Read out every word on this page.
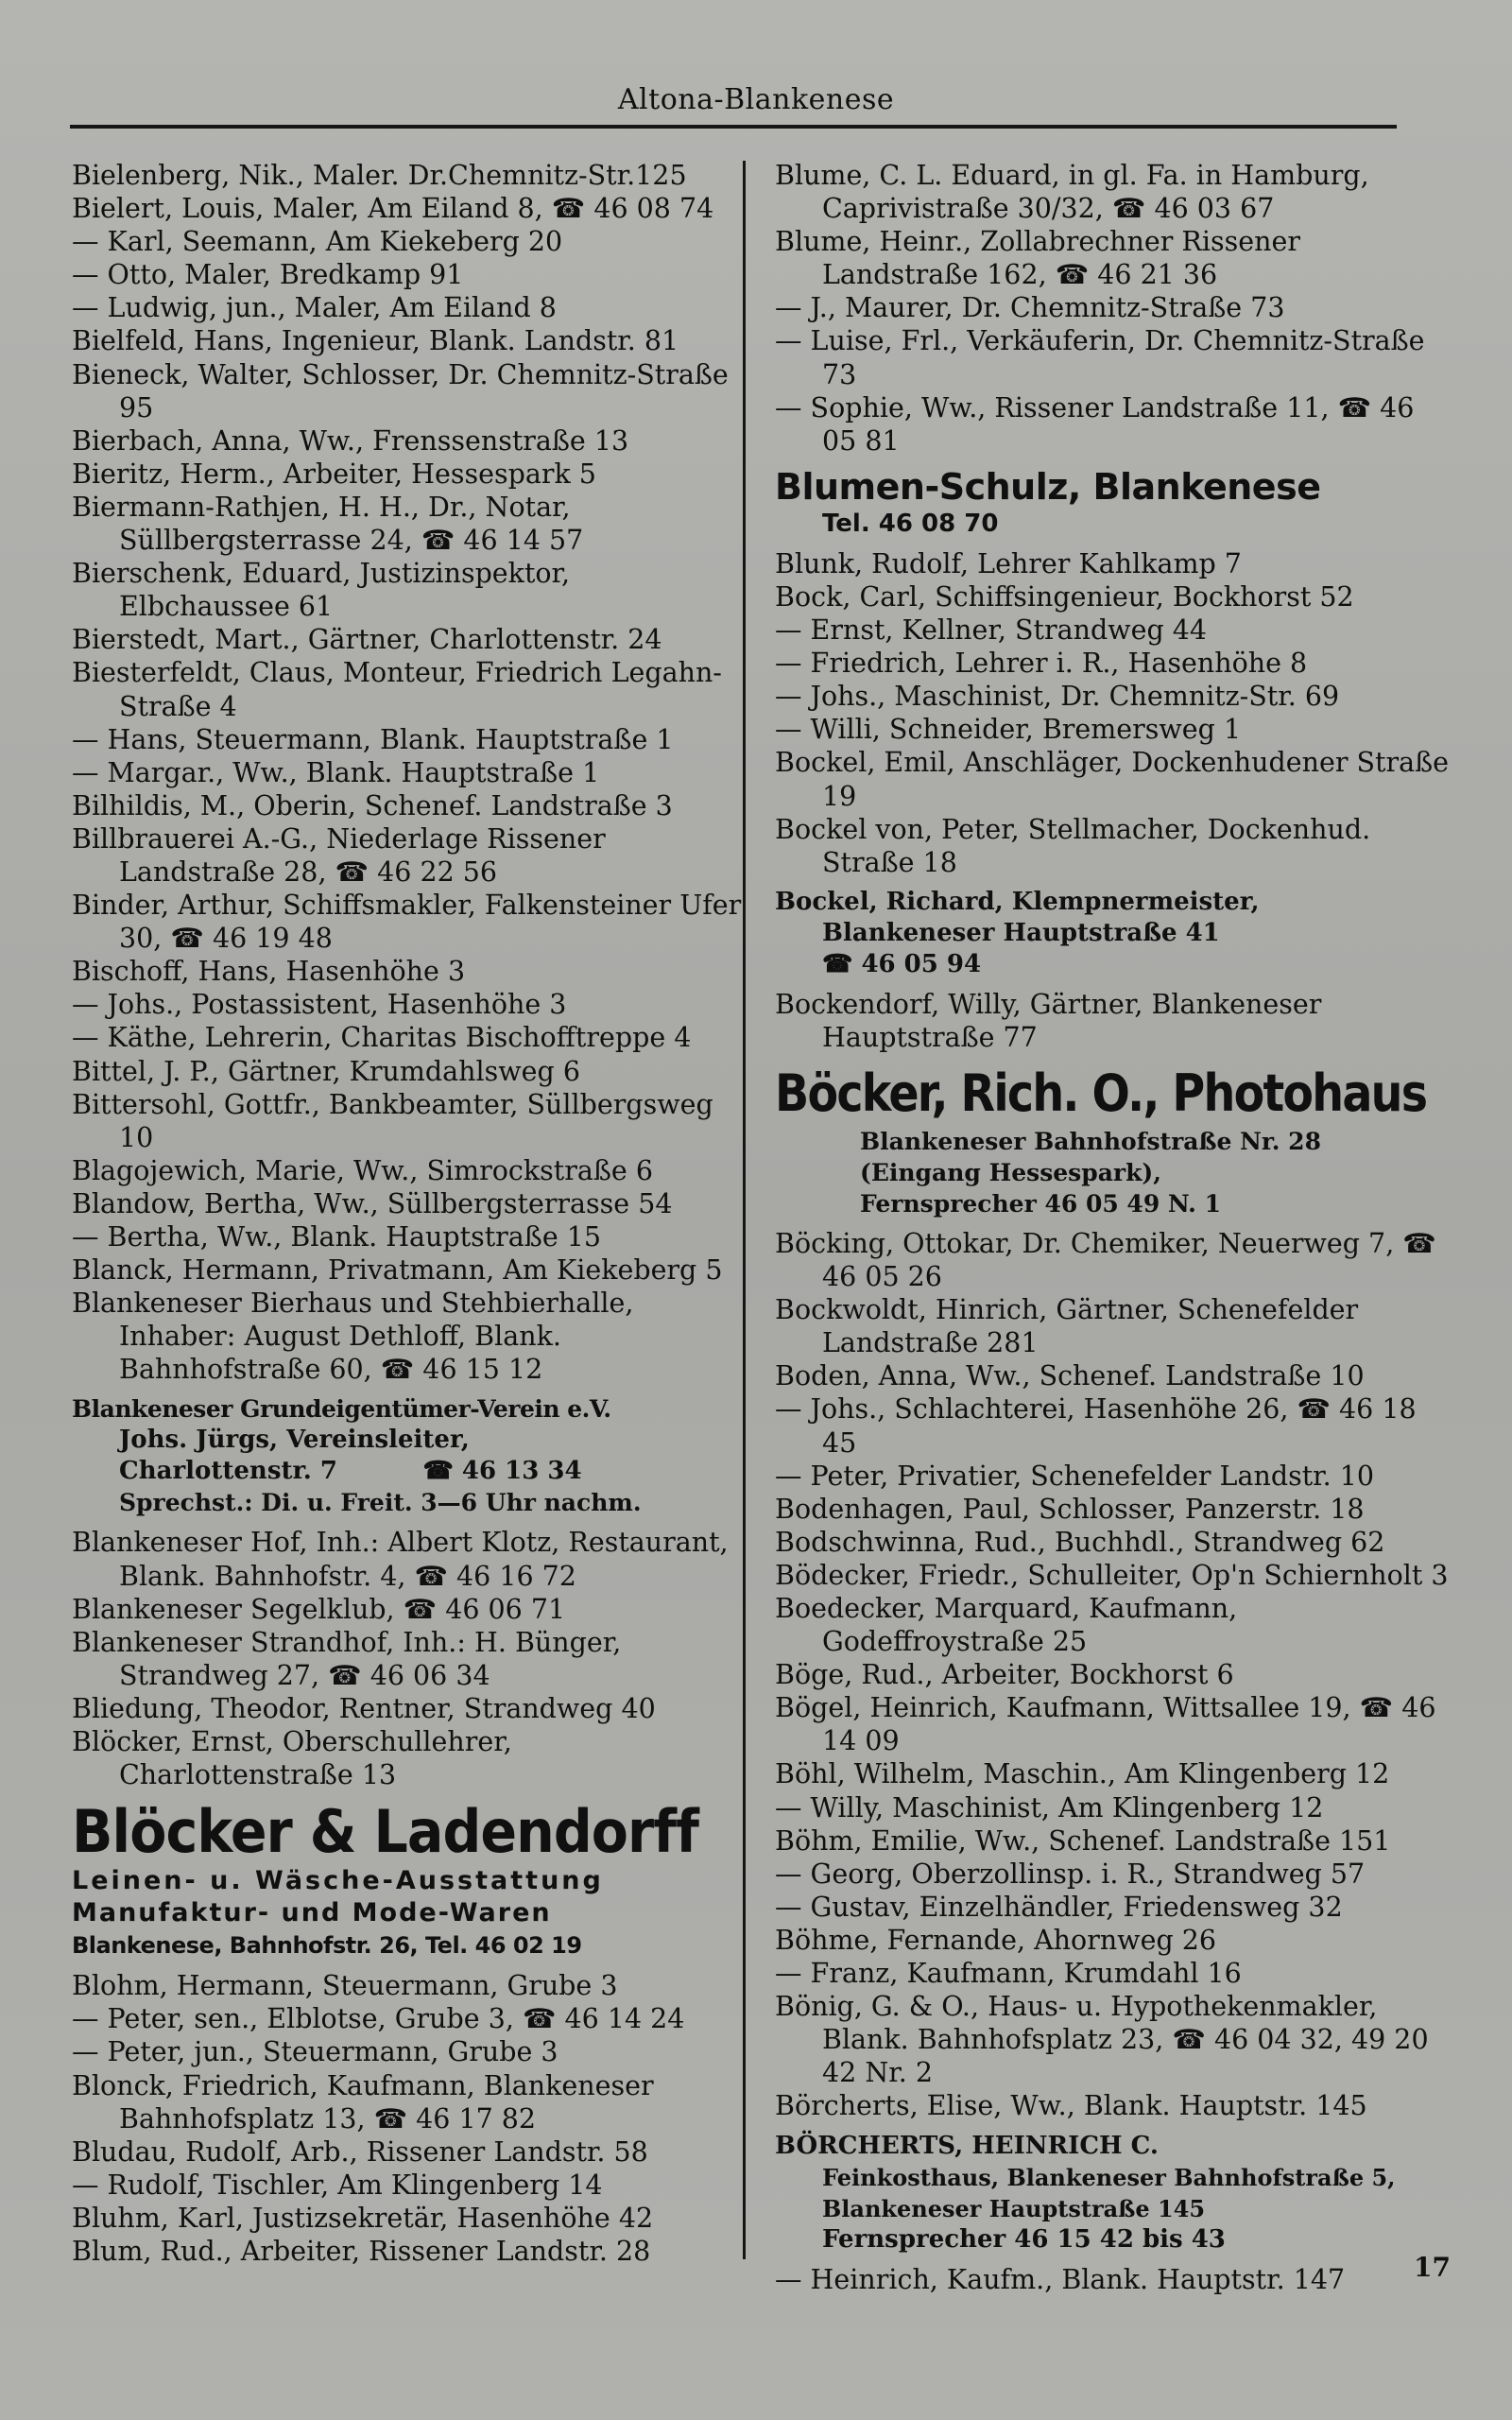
Altona-Blankenese
Bielenberg, Nik., Maler. Dr.Chemnitz-Str.125
Bielert, Louis, Maler, Am Eiland 8, ☎ 46 08 74
— Karl, Seemann, Am Kiekeberg 20
— Otto, Maler, Bredkamp 91
— Ludwig, jun., Maler, Am Eiland 8
Bielfeld, Hans, Ingenieur, Blank. Landstr. 81
Bieneck, Walter, Schlosser, Dr. Chemnitz-Straße 95
Bierbach, Anna, Ww., Frenssenstraße 13
Bieritz, Herm., Arbeiter, Hessespark 5
Biermann-Rathjen, H. H., Dr., Notar, Süllbergsterrasse 24, ☎ 46 14 57
Bierschenk, Eduard, Justizinspektor, Elbchaussee 61
Bierstedt, Mart., Gärtner, Charlottenstr. 24
Biesterfeldt, Claus, Monteur, Friedrich Legahn-Straße 4
— Hans, Steuermann, Blank. Hauptstraße 1
— Margar., Ww., Blank. Hauptstraße 1
Bilhildis, M., Oberin, Schenef. Landstraße 3
Billbrauerei A.-G., Niederlage Rissener Landstraße 28, ☎ 46 22 56
Binder, Arthur, Schiffsmakler, Falkensteiner Ufer 30, ☎ 46 19 48
Bischoff, Hans, Hasenhöhe 3
— Johs., Postassistent, Hasenhöhe 3
— Käthe, Lehrerin, Charitas Bischofftreppe 4
Bittel, J. P., Gärtner, Krumdahlsweg 6
Bittersohl, Gottfr., Bankbeamter, Süllbergsweg 10
Blagojewich, Marie, Ww., Simrockstraße 6
Blandow, Bertha, Ww., Süllbergsterrasse 54
— Bertha, Ww., Blank. Hauptstraße 15
Blanck, Hermann, Privatmann, Am Kiekeberg 5
Blankeneser Bierhaus und Stehbierhalle, Inhaber: August Dethloff, Blank. Bahnhofstraße 60, ☎ 46 15 12
Blankeneser Grundeigentümer-Verein e.V.
Johs. Jürgs, Vereinsleiter,
Charlottenstr. 7          ☎ 46 13 34
Sprechst.: Di. u. Freit. 3—6 Uhr nachm.
Blankeneser Hof, Inh.: Albert Klotz, Restaurant, Blank. Bahnhofstr. 4, ☎ 46 16 72
Blankeneser Segelklub, ☎ 46 06 71
Blankeneser Strandhof, Inh.: H. Bünger, Strandweg 27, ☎ 46 06 34
Bliedung, Theodor, Rentner, Strandweg 40
Blöcker, Ernst, Oberschullehrer, Charlottenstraße 13
Blöcker & Ladendorff
Leinen- u. Wäsche-Ausstattung
Manufaktur- und Mode-Waren
Blankenese, Bahnhofstr. 26, Tel. 46 02 19
Blohm, Hermann, Steuermann, Grube 3
— Peter, sen., Elblotse, Grube 3, ☎ 46 14 24
— Peter, jun., Steuermann, Grube 3
Blonck, Friedrich, Kaufmann, Blankeneser Bahnhofsplatz 13, ☎ 46 17 82
Bludau, Rudolf, Arb., Rissener Landstr. 58
— Rudolf, Tischler, Am Klingenberg 14
Bluhm, Karl, Justizsekretär, Hasenhöhe 42
Blum, Rud., Arbeiter, Rissener Landstr. 28
Blume, C. L. Eduard, in gl. Fa. in Hamburg, Caprivistraße 30/32, ☎ 46 03 67
Blume, Heinr., Zollabrechner Rissener Landstraße 162, ☎ 46 21 36
— J., Maurer, Dr. Chemnitz-Straße 73
— Luise, Frl., Verkäuferin, Dr. Chemnitz-Straße 73
— Sophie, Ww., Rissener Landstraße 11, ☎ 46 05 81
Blumen-Schulz, Blankenese
Tel. 46 08 70
Blunk, Rudolf, Lehrer Kahlkamp 7
Bock, Carl, Schiffsingenieur, Bockhorst 52
— Ernst, Kellner, Strandweg 44
— Friedrich, Lehrer i. R., Hasenhöhe 8
— Johs., Maschinist, Dr. Chemnitz-Str. 69
— Willi, Schneider, Bremersweg 1
Bockel, Emil, Anschläger, Dockenhudener Straße 19
Bockel von, Peter, Stellmacher, Dockenhud. Straße 18
Bockel, Richard, Klempnermeister,
Blankeneser Hauptstraße 41
☎ 46 05 94
Bockendorf, Willy, Gärtner, Blankeneser Hauptstraße 77
Böcker, Rich. O., Photohaus
Blankeneser Bahnhofstraße Nr. 28
(Eingang Hessespark),
Fernsprecher 46 05 49 N. 1
Böcking, Ottokar, Dr. Chemiker, Neuerweg 7, ☎ 46 05 26
Bockwoldt, Hinrich, Gärtner, Schenefelder Landstraße 281
Boden, Anna, Ww., Schenef. Landstraße 10
— Johs., Schlachterei, Hasenhöhe 26, ☎ 46 18 45
— Peter, Privatier, Schenefelder Landstr. 10
Bodenhagen, Paul, Schlosser, Panzerstr. 18
Bodschwinna, Rud., Buchhdl., Strandweg 62
Bödecker, Friedr., Schulleiter, Op'n Schiernholt 3
Boedecker, Marquard, Kaufmann, Godeffroystraße 25
Böge, Rud., Arbeiter, Bockhorst 6
Bögel, Heinrich, Kaufmann, Wittsallee 19, ☎ 46 14 09
Böhl, Wilhelm, Maschin., Am Klingenberg 12
— Willy, Maschinist, Am Klingenberg 12
Böhm, Emilie, Ww., Schenef. Landstraße 151
— Georg, Oberzollinsp. i. R., Strandweg 57
— Gustav, Einzelhändler, Friedensweg 32
Böhme, Fernande, Ahornweg 26
— Franz, Kaufmann, Krumdahl 16
Bönig, G. & O., Haus- u. Hypothekenmakler, Blank. Bahnhofsplatz 23, ☎ 46 04 32, 49 20 42 Nr. 2
Börcherts, Elise, Ww., Blank. Hauptstr. 145
BÖRCHERTS, HEINRICH C.
Feinkosthaus, Blankeneser Bahnhofstraße 5, Blankeneser Hauptstraße 145
Fernsprecher 46 15 42 bis 43
— Heinrich, Kaufm., Blank. Hauptstr. 147	17
